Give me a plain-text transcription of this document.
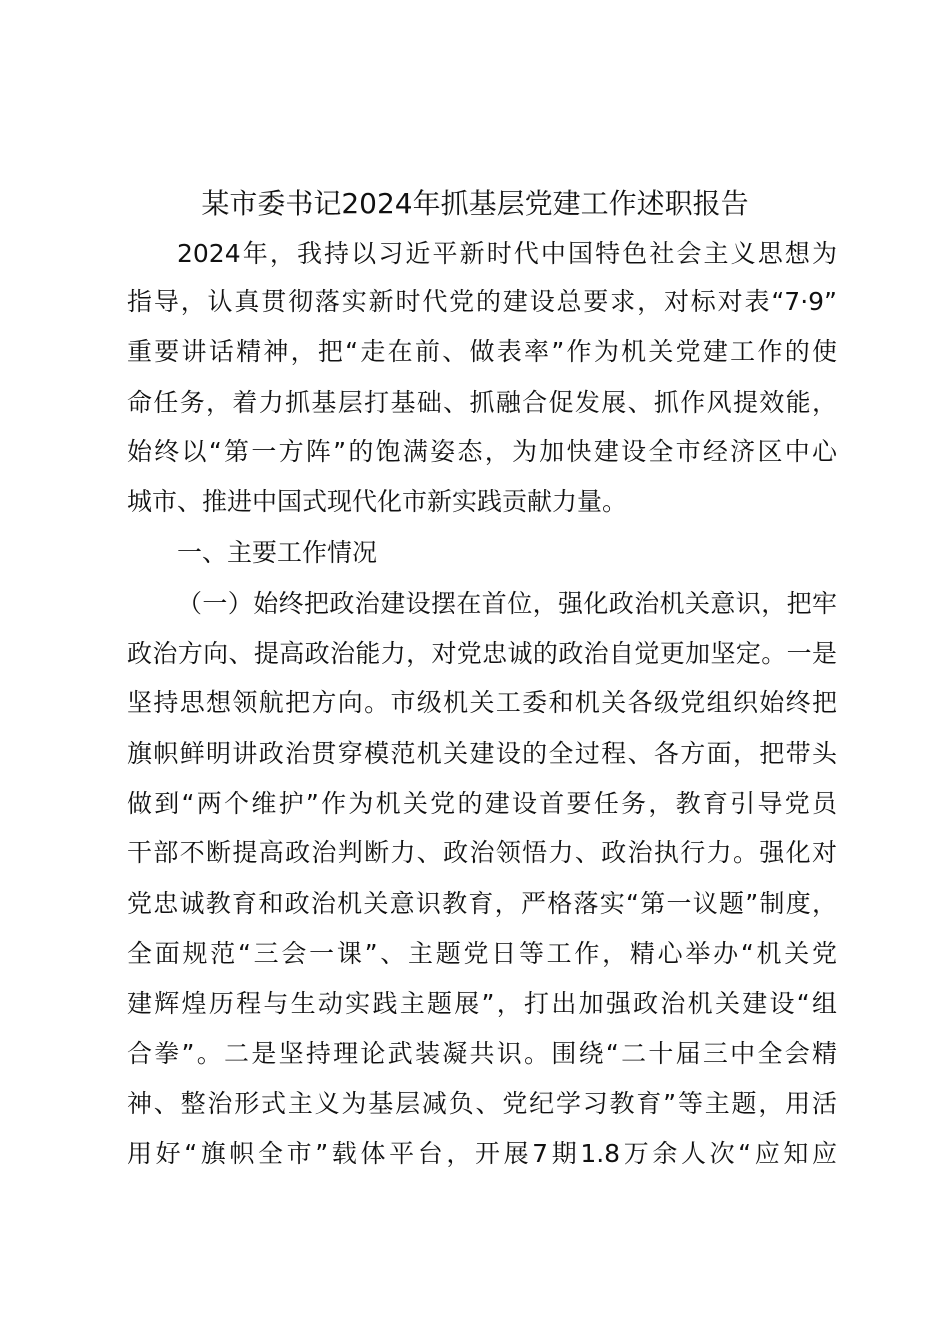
某市委书记2024年抓基层党建工作述职报告

2024年，我持以习近平新时代中国特色社会主义思想为

指导，认真贯彻落实新时代党的建设总要求，对标对表“7·9”

重要讲话精神，把“走在前、做表率”作为机关党建工作的使

命任务，着力抓基层打基础、抓融合促发展、抓作风提效能，

始终以“第一方阵”的饱满姿态，为加快建设全市经济区中心

城市、推进中国式现代化市新实践贡献力量。

一、主要工作情况

（一）始终把政治建设摆在首位，强化政治机关意识，把牢

政治方向、提高政治能力，对党忠诚的政治自觉更加坚定。一是

坚持思想领航把方向。市级机关工委和机关各级党组织始终把

旗帜鲜明讲政治贯穿模范机关建设的全过程、各方面，把带头

做到“两个维护”作为机关党的建设首要任务，教育引导党员

干部不断提高政治判断力、政治领悟力、政治执行力。强化对

党忠诚教育和政治机关意识教育，严格落实“第一议题”制度，

全面规范“三会一课”、主题党日等工作，精心举办“机关党

建辉煌历程与生动实践主题展”，打出加强政治机关建设“组

合拳”。二是坚持理论武装凝共识。围绕“二十届三中全会精

神、整治形式主义为基层减负、党纪学习教育”等主题，用活

用好“旗帜全市”载体平台，开展7期1.8万余人次“应知应
